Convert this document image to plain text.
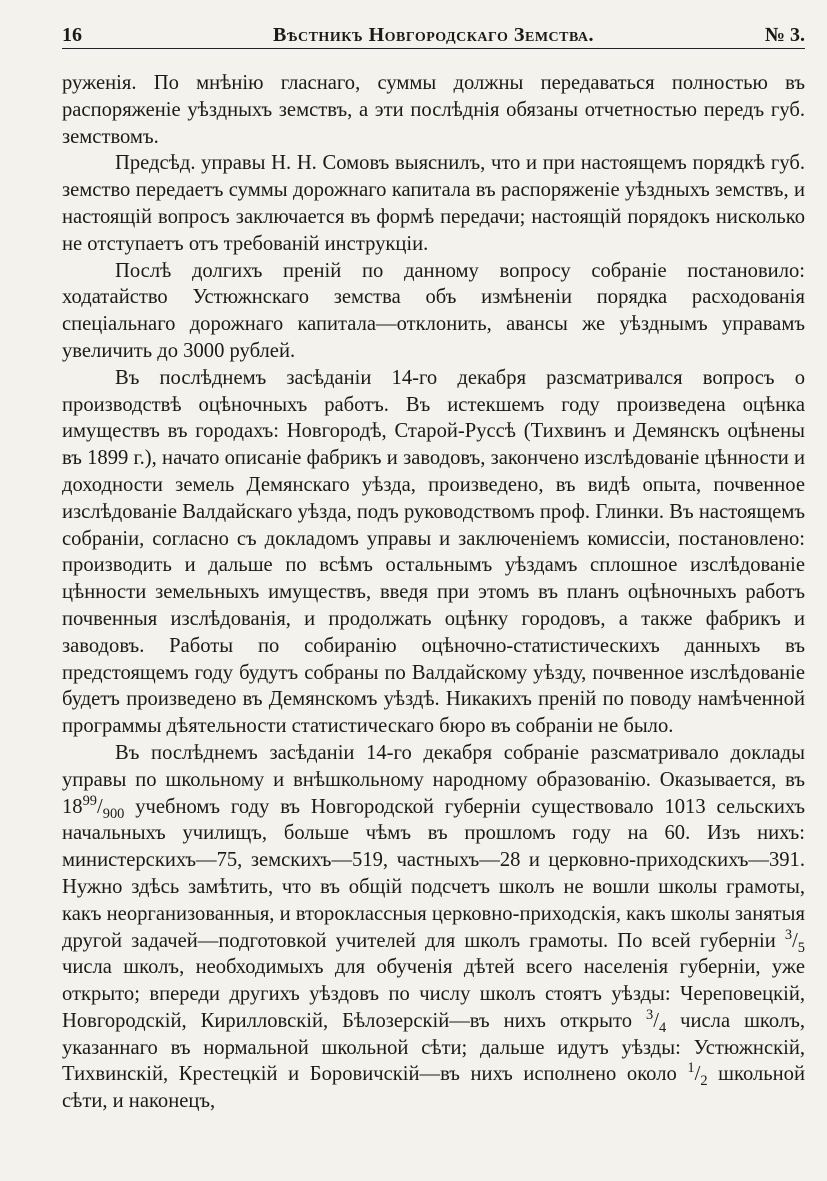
16	Вѣстникъ Новгородскаго Земства.	№ 3.

руженія. По мнѣнію гласнаго, суммы должны передаваться полностью въ распоряженіе уѣздныхъ земствъ, а эти послѣднія обязаны отчетностью передъ губ. земствомъ.

Предсѣд. управы Н. Н. Сомовъ выяснилъ, что и при настоящемъ порядкѣ губ. земство передаетъ суммы дорожнаго капитала въ распоряженіе уѣздныхъ земствъ, и настоящій вопросъ заключается въ формѣ передачи; настоящій порядокъ нисколько не отступаетъ отъ требованій инструкціи.

Послѣ долгихъ преній по данному вопросу собраніе постановило: ходатайство Устюжнскаго земства объ измѣненіи порядка расходованія спеціальнаго дорожнаго капитала—отклонить, авансы же уѣзднымъ управамъ увеличить до 3000 рублей.

Въ послѣднемъ засѣданіи 14-го декабря разсматривался вопросъ о производствѣ оцѣночныхъ работъ. Въ истекшемъ году произведена оцѣнка имуществъ въ городахъ: Новгородѣ, Старой-Руссѣ (Тихвинъ и Демянскъ оцѣнены въ 1899 г.), начато описаніе фабрикъ и заводовъ, закончено изслѣдованіе цѣнности и доходности земель Демянскаго уѣзда, произведено, въ видѣ опыта, почвенное изслѣдованіе Валдайскаго уѣзда, подъ руководствомъ проф. Глинки. Въ настоящемъ собраніи, согласно съ докладомъ управы и заключеніемъ комиссіи, постановлено: производить и дальше по всѣмъ остальнымъ уѣздамъ сплошное изслѣдованіе цѣнности земельныхъ имуществъ, введя при этомъ въ планъ оцѣночныхъ работъ почвенныя изслѣдованія, и продолжать оцѣнку городовъ, а также фабрикъ и заводовъ. Работы по собиранію оцѣночно-статистическихъ данныхъ въ предстоящемъ году будутъ собраны по Валдайскому уѣзду, почвенное изслѣдованіе будетъ произведено въ Демянскомъ уѣздѣ. Никакихъ преній по поводу намѣченной программы дѣятельности статистическаго бюро въ собраніи не было.

Въ послѣднемъ засѣданіи 14-го декабря собраніе разсматривало доклады управы по школьному и внѣшкольному народному образованію. Оказывается, въ $18^{99}/_{900}$ учебномъ году въ Новгородской губерніи существовало 1013 сельскихъ начальныхъ училищъ, больше чѣмъ въ прошломъ году на 60. Изъ нихъ: министерскихъ—75, земскихъ—519, частныхъ—28 и церковно-приходскихъ—391. Нужно здѣсь замѣтить, что въ общій подсчетъ школъ не вошли школы грамоты, какъ неорганизованныя, и второклассныя церковно-приходскія, какъ школы занятыя другой задачей—подготовкой учителей для школъ грамоты. По всей губерніи $^3/_5$ числа школъ, необходимыхъ для обученія дѣтей всего населенія губерніи, уже открыто; впереди другихъ уѣздовъ по числу школъ стоятъ уѣзды: Череповецкій, Новгородскій, Кирилловскій, Бѣлозерскій—въ нихъ открыто $^3/_4$ числа школъ, указаннаго въ нормальной школьной сѣти; дальше идутъ уѣзды: Устюжнскій, Тихвинскій, Крестецкій и Боровичскій—въ нихъ исполнено около $^1/_2$ школьной сѣти, и наконецъ,
